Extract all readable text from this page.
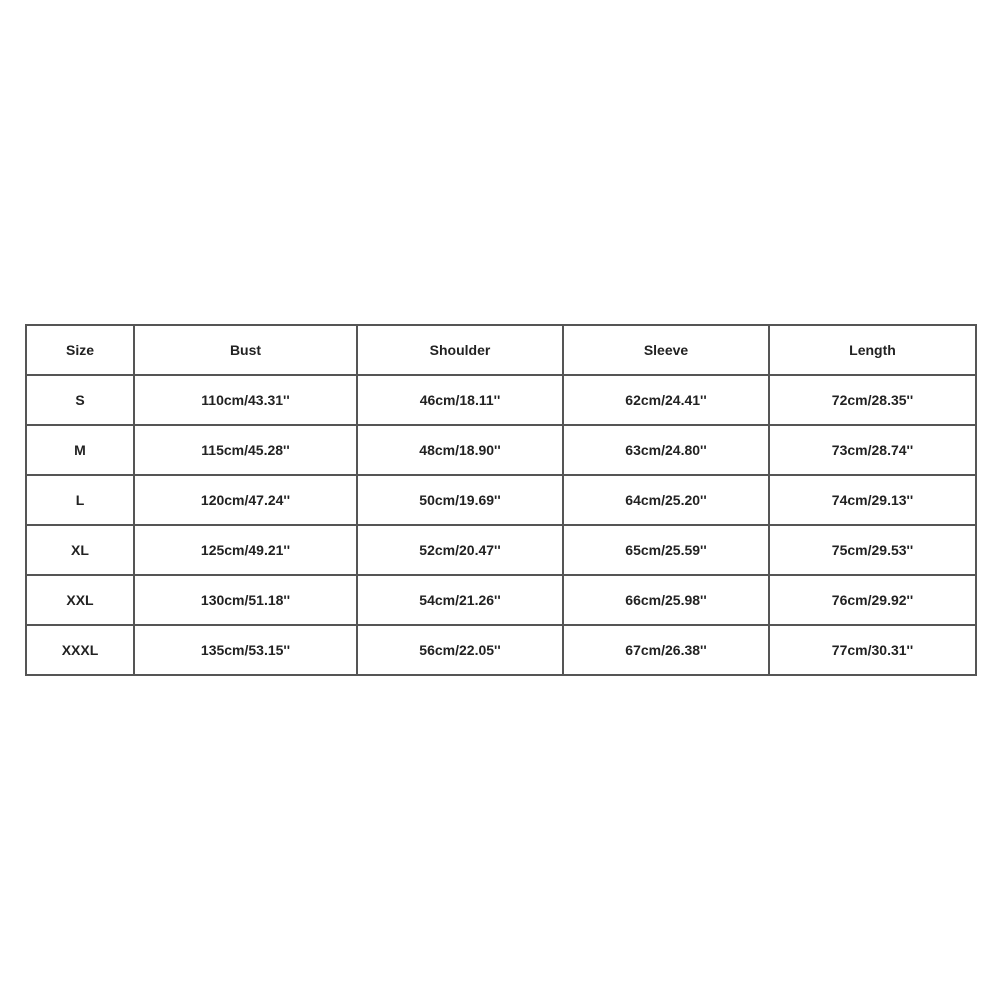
Size	Bust	Shoulder	Sleeve	Length
S	110cm/43.31''	46cm/18.11''	62cm/24.41''	72cm/28.35''
M	115cm/45.28''	48cm/18.90''	63cm/24.80''	73cm/28.74''
L	120cm/47.24''	50cm/19.69''	64cm/25.20''	74cm/29.13''
XL	125cm/49.21''	52cm/20.47''	65cm/25.59''	75cm/29.53''
XXL	130cm/51.18''	54cm/21.26''	66cm/25.98''	76cm/29.92''
XXXL	135cm/53.15''	56cm/22.05''	67cm/26.38''	77cm/30.31''
